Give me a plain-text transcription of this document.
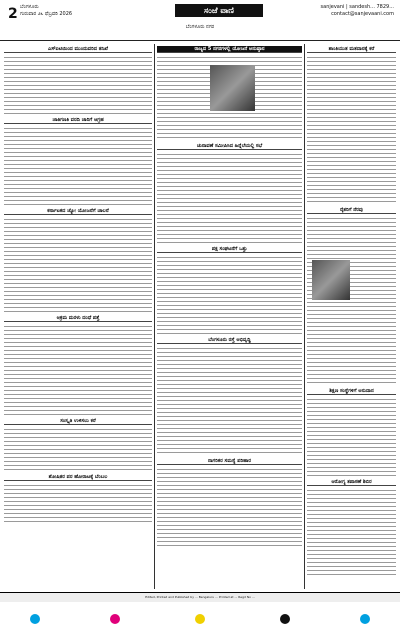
2 ಬೆಂಗಳೂರು
ಗುರುವಾರ ೨೬ ಫೆಬ್ರವರಿ 2026	ಸಂಜೆ ವಾಣಿ
ಬೆಂಗಳೂರು ನಗರ
sanjevani | sandesh... 7829...
contact@sanjevaani.com
ಎಸ್‌ಐಟಿಯಿಂದ ಮುಂದುವರಿದ ತನಿಖೆ
ಜಾತಿಗಣತಿ ವರದಿ ಜಾರಿಗೆ ಆಗ್ರಹ
ಕರ್ನಾಟಕದ ಜ್ಯೋ ಯೋಜನೆಗೆ ಚಾಲನೆ
ಅಕ್ರಮ ಮರಳು ದಂಧೆ ಪತ್ತೆ
ಸಂಸ್ಕೃತಿ ಉಳಿಸಲು ಕರೆ
ಶೋಷಿತರ ಪರ ಹೋರಾಟಕ್ಕೆ ಬೆಂಬಲ
ರಾಜ್ಯದ 5 ನಗರಗಳಲ್ಲಿ ಯೋಜನೆ ಅನುಷ್ಠಾನ
ಚುನಾವಣೆ ಸಮೀಪಿಸಿದ ಹಿನ್ನೆಲೆಯಲ್ಲಿ ಸಭೆ
ಪಕ್ಷ ಸಂಘಟನೆಗೆ ಒತ್ತು
ಬೆಂಗಳೂರು ರಸ್ತೆ ಅಭಿವೃದ್ಧಿ
ನಾಗರಿಕರ ಸಮಸ್ಯೆ ಪರಿಹಾರ
ಶಾಂತಿಯುತ ಮತದಾನಕ್ಕೆ ಕರೆ
ರೈತರಿಗೆ ನೆರವು
ಶಿಕ್ಷಣ ಸಂಸ್ಥೆಗಳಿಗೆ ಅನುದಾನ
ಆರೋಗ್ಯ ತಪಾಸಣೆ ಶಿಬಿರ
Edited, Printed and Published by ... Bengaluru ... Printed at ... Regd No ...
